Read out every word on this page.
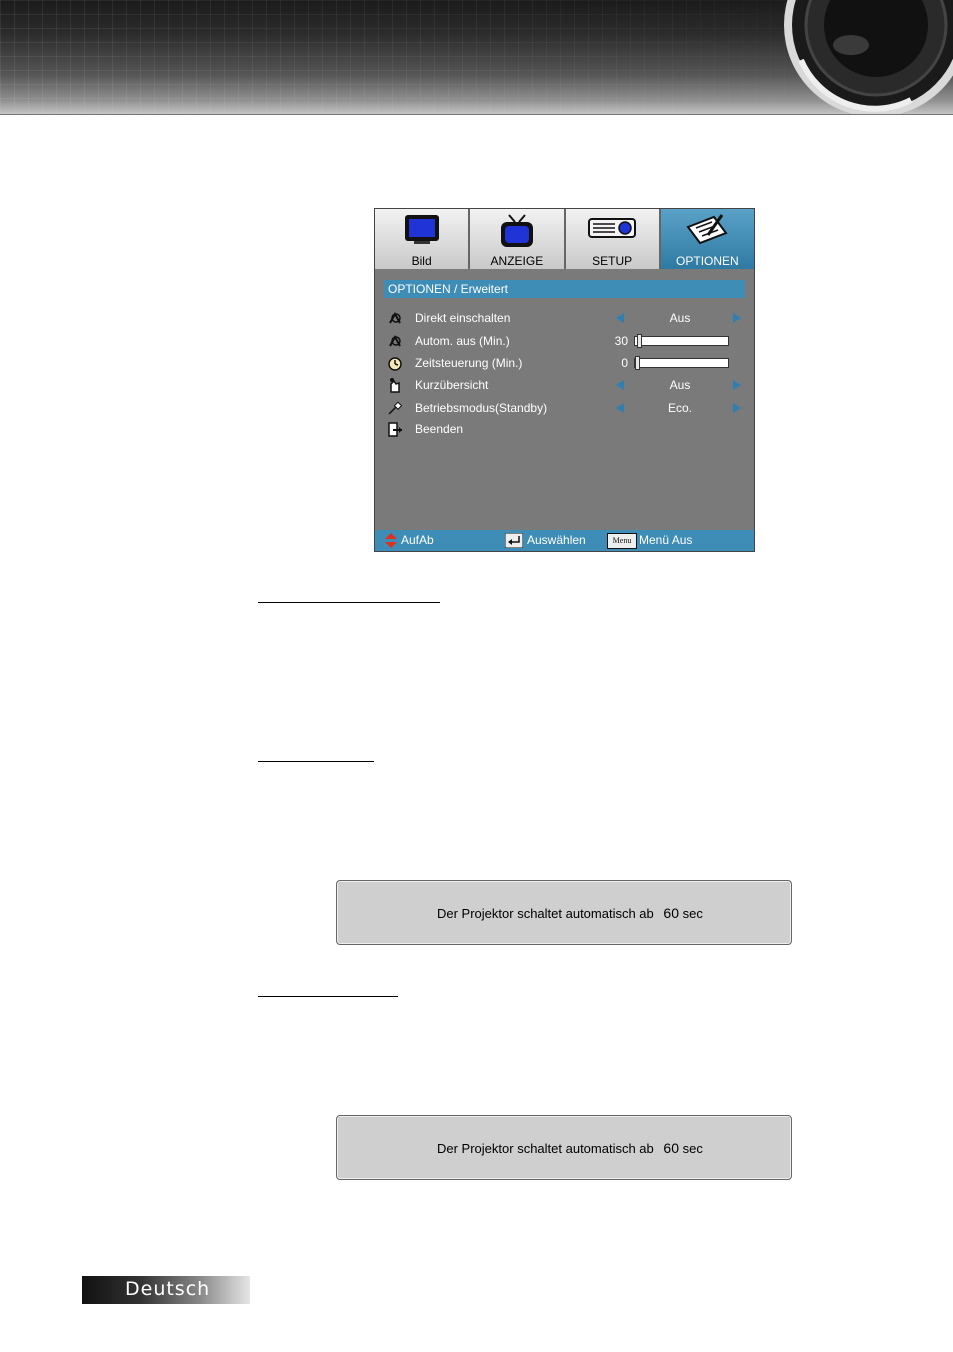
Bild	ANZEIGE	SETUP	OPTIONEN
OPTIONEN / Erweitert
Direkt einschalten	Aus
Autom. aus (Min.)	30
Zeitsteuerung (Min.)	0
Kurzübersicht	Aus
Betriebsmodus(Standby)	Eco.
Beenden
AufAb	Auswählen	Menu Menü Aus
Der Projektor schaltet automatisch ab 60 sec
Der Projektor schaltet automatisch ab 60 sec
Deutsch
